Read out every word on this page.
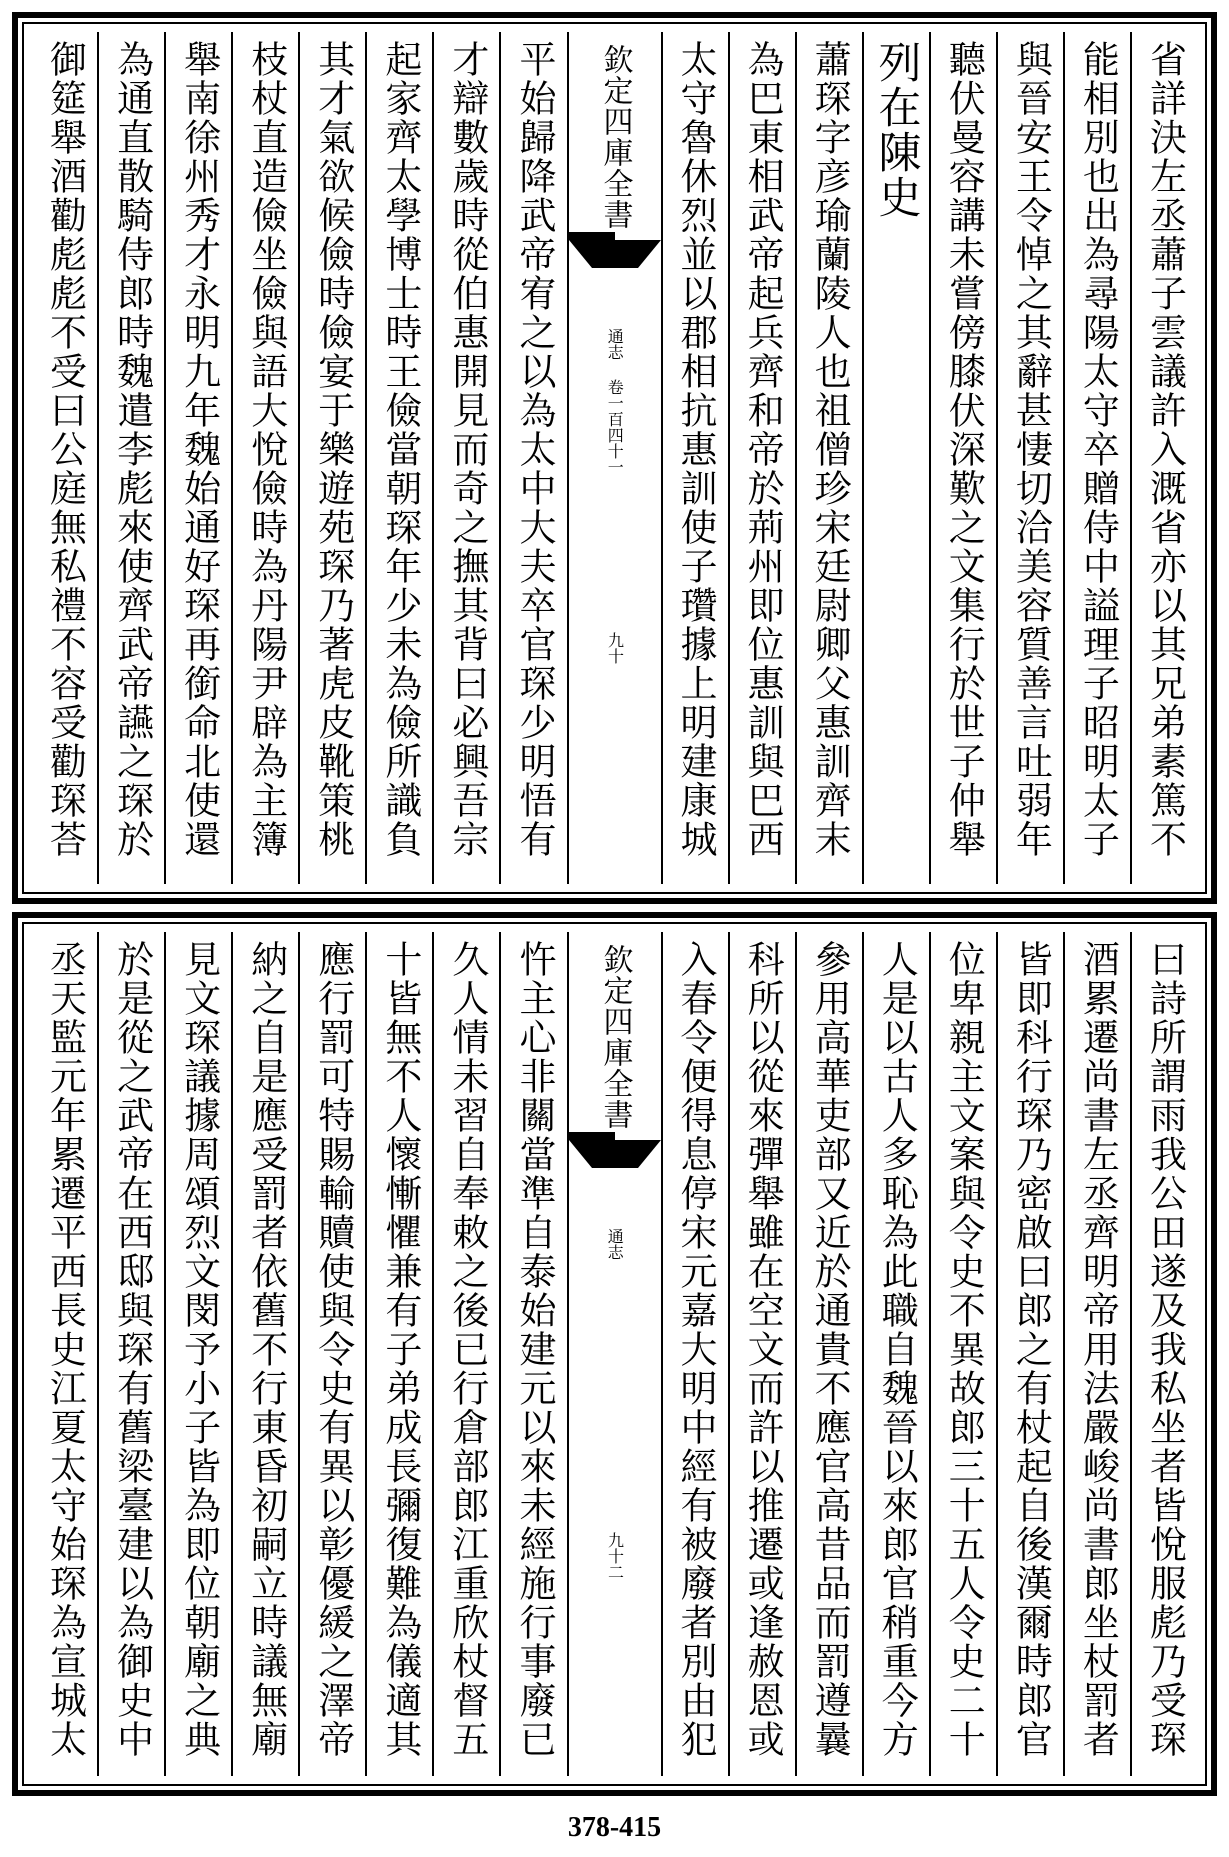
省詳決左丞蕭子雲議許入溉省亦以其兄弟素篤不
能相別也出為尋陽太守卒贈侍中謚理子昭明太子
與晉安王令悼之其辭甚悽切洽美容質善言吐弱年
聽伏曼容講未嘗傍膝伏深歎之文集行於世子仲舉
列在陳史
蕭琛字彦瑜蘭陵人也祖僧珍宋廷尉卿父惠訓齊末
為巴東相武帝起兵齊和帝於荊州即位惠訓與巴西
太守魯休烈並以郡相抗惠訓使子瓚據上明建康城
欽定四庫全書
通志 卷一百四十一
九十
平始歸降武帝宥之以為太中大夫卒官琛少明悟有
才辯數歲時從伯惠開見而奇之撫其背曰必興吾宗
起家齊太學博士時王儉當朝琛年少未為儉所識負
其才氣欲候儉時儉宴于樂遊苑琛乃著虎皮靴策桃
枝杖直造儉坐儉與語大悅儉時為丹陽尹辟為主簿
舉南徐州秀才永明九年魏始通好琛再銜命北使還
為通直散騎侍郎時魏遣李彪來使齊武帝讌之琛於
御筵舉酒勸彪彪不受曰公庭無私禮不容受勸琛荅
曰詩所謂雨我公田遂及我私坐者皆悅服彪乃受琛
酒累遷尚書左丞齊明帝用法嚴峻尚書郎坐杖罰者
皆即科行琛乃密啟曰郎之有杖起自後漢爾時郎官
位卑親主文案與令史不異故郎三十五人令史二十
人是以古人多恥為此職自魏晉以來郎官稍重今方
參用高華吏部又近於通貴不應官高昔品而罰遵曩
科所以從來彈舉雖在空文而許以推遷或逢赦恩或
入春令便得息停宋元嘉大明中經有被廢者別由犯
欽定四庫全書
通志
九十二
忤主心非關當準自泰始建元以來未經施行事廢已
久人情未習自奉敕之後已行倉部郎江重欣杖督五
十皆無不人懷慚懼兼有子弟成長彌復難為儀適其
應行罰可特賜輸贖使與令史有異以彰優緩之澤帝
納之自是應受罰者依舊不行東昏初嗣立時議無廟
見文琛議據周頌烈文閔予小子皆為即位朝廟之典
於是從之武帝在西邸與琛有舊梁臺建以為御史中
丞天監元年累遷平西長史江夏太守始琛為宣城太
378-415
